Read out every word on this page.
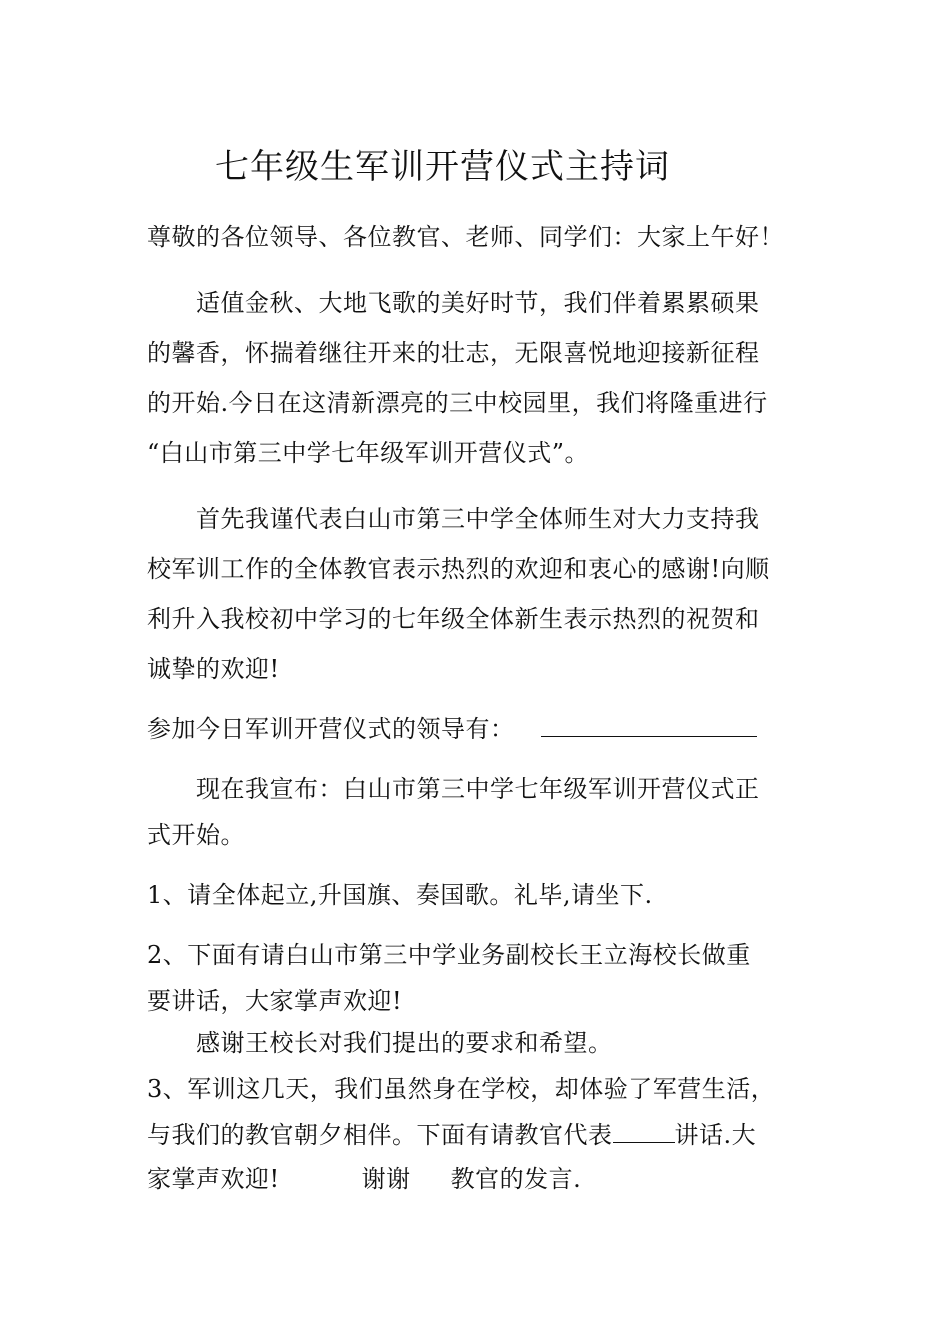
七年级生军训开营仪式主持词
尊敬的各位领导、各位教官、老师、同学们：大家上午好！
适值金秋、大地飞歌的美好时节，我们伴着累累硕果
的馨香，怀揣着继往开来的壮志，无限喜悦地迎接新征程
的开始.今日在这清新漂亮的三中校园里，我们将隆重进行
“白山市第三中学七年级军训开营仪式”。
首先我谨代表白山市第三中学全体师生对大力支持我
校军训工作的全体教官表示热烈的欢迎和衷心的感谢!向顺
利升入我校初中学习的七年级全体新生表示热烈的祝贺和
诚挚的欢迎!
参加今日军训开营仪式的领导有：
现在我宣布：白山市第三中学七年级军训开营仪式正
式开始。
1、请全体起立,升国旗、奏国歌。礼毕,请坐下.
2、下面有请白山市第三中学业务副校长王立海校长做重
要讲话，大家掌声欢迎!
感谢王校长对我们提出的要求和希望。
3、军训这几天，我们虽然身在学校，却体验了军营生活，
与我们的教官朝夕相伴。下面有请教官代表	讲话.大
家掌声欢迎!	谢谢 教官的发言.
